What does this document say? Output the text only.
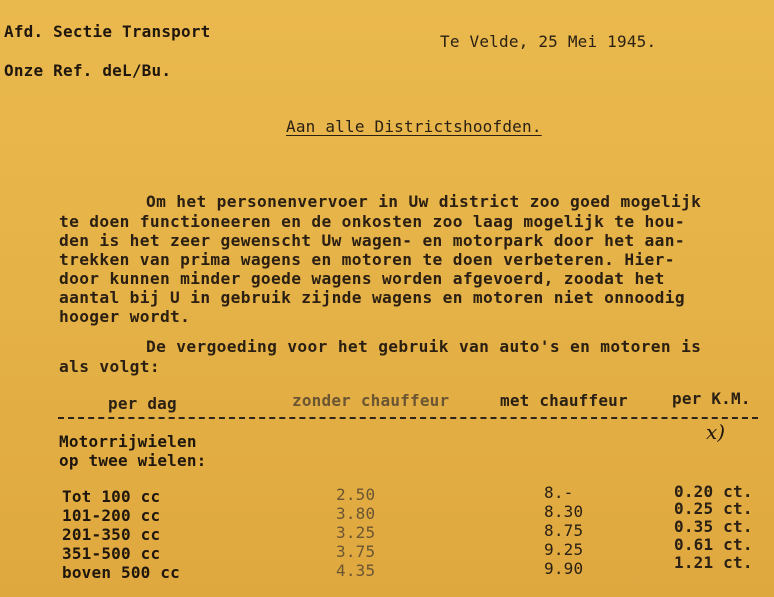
Afd. Sectie Transport
Te Velde, 25 Mei 1945.
Onze Ref. deL/Bu.
Aan alle Districtshoofden.
Om het personenvervoer in Uw district zoo goed mogelijk
te doen functioneeren en de onkosten zoo laag mogelijk te hou-
den is het zeer gewenscht Uw wagen- en motorpark door het aan-
trekken van prima wagens en motoren te doen verbeteren. Hier-
door kunnen minder goede wagens worden afgevoerd, zoodat het
aantal bij U in gebruik zijnde wagens en motoren niet onnoodig
hooger wordt.
De vergoeding voor het gebruik van auto's en motoren is
als volgt:
per dag	zonder chauffeur	met chauffeur	per K.M.
x)
Motorrijwielen
op twee wielen:
Tot 100 cc	2.50	8.-	0.20 ct.
101-200 cc	3.80	8.30	0.25 ct.
201-350 cc	3.25	8.75	0.35 ct.
351-500 cc	3.75	9.25	0.61 ct.
boven 500 cc	4.35	9.90	1.21 ct.
